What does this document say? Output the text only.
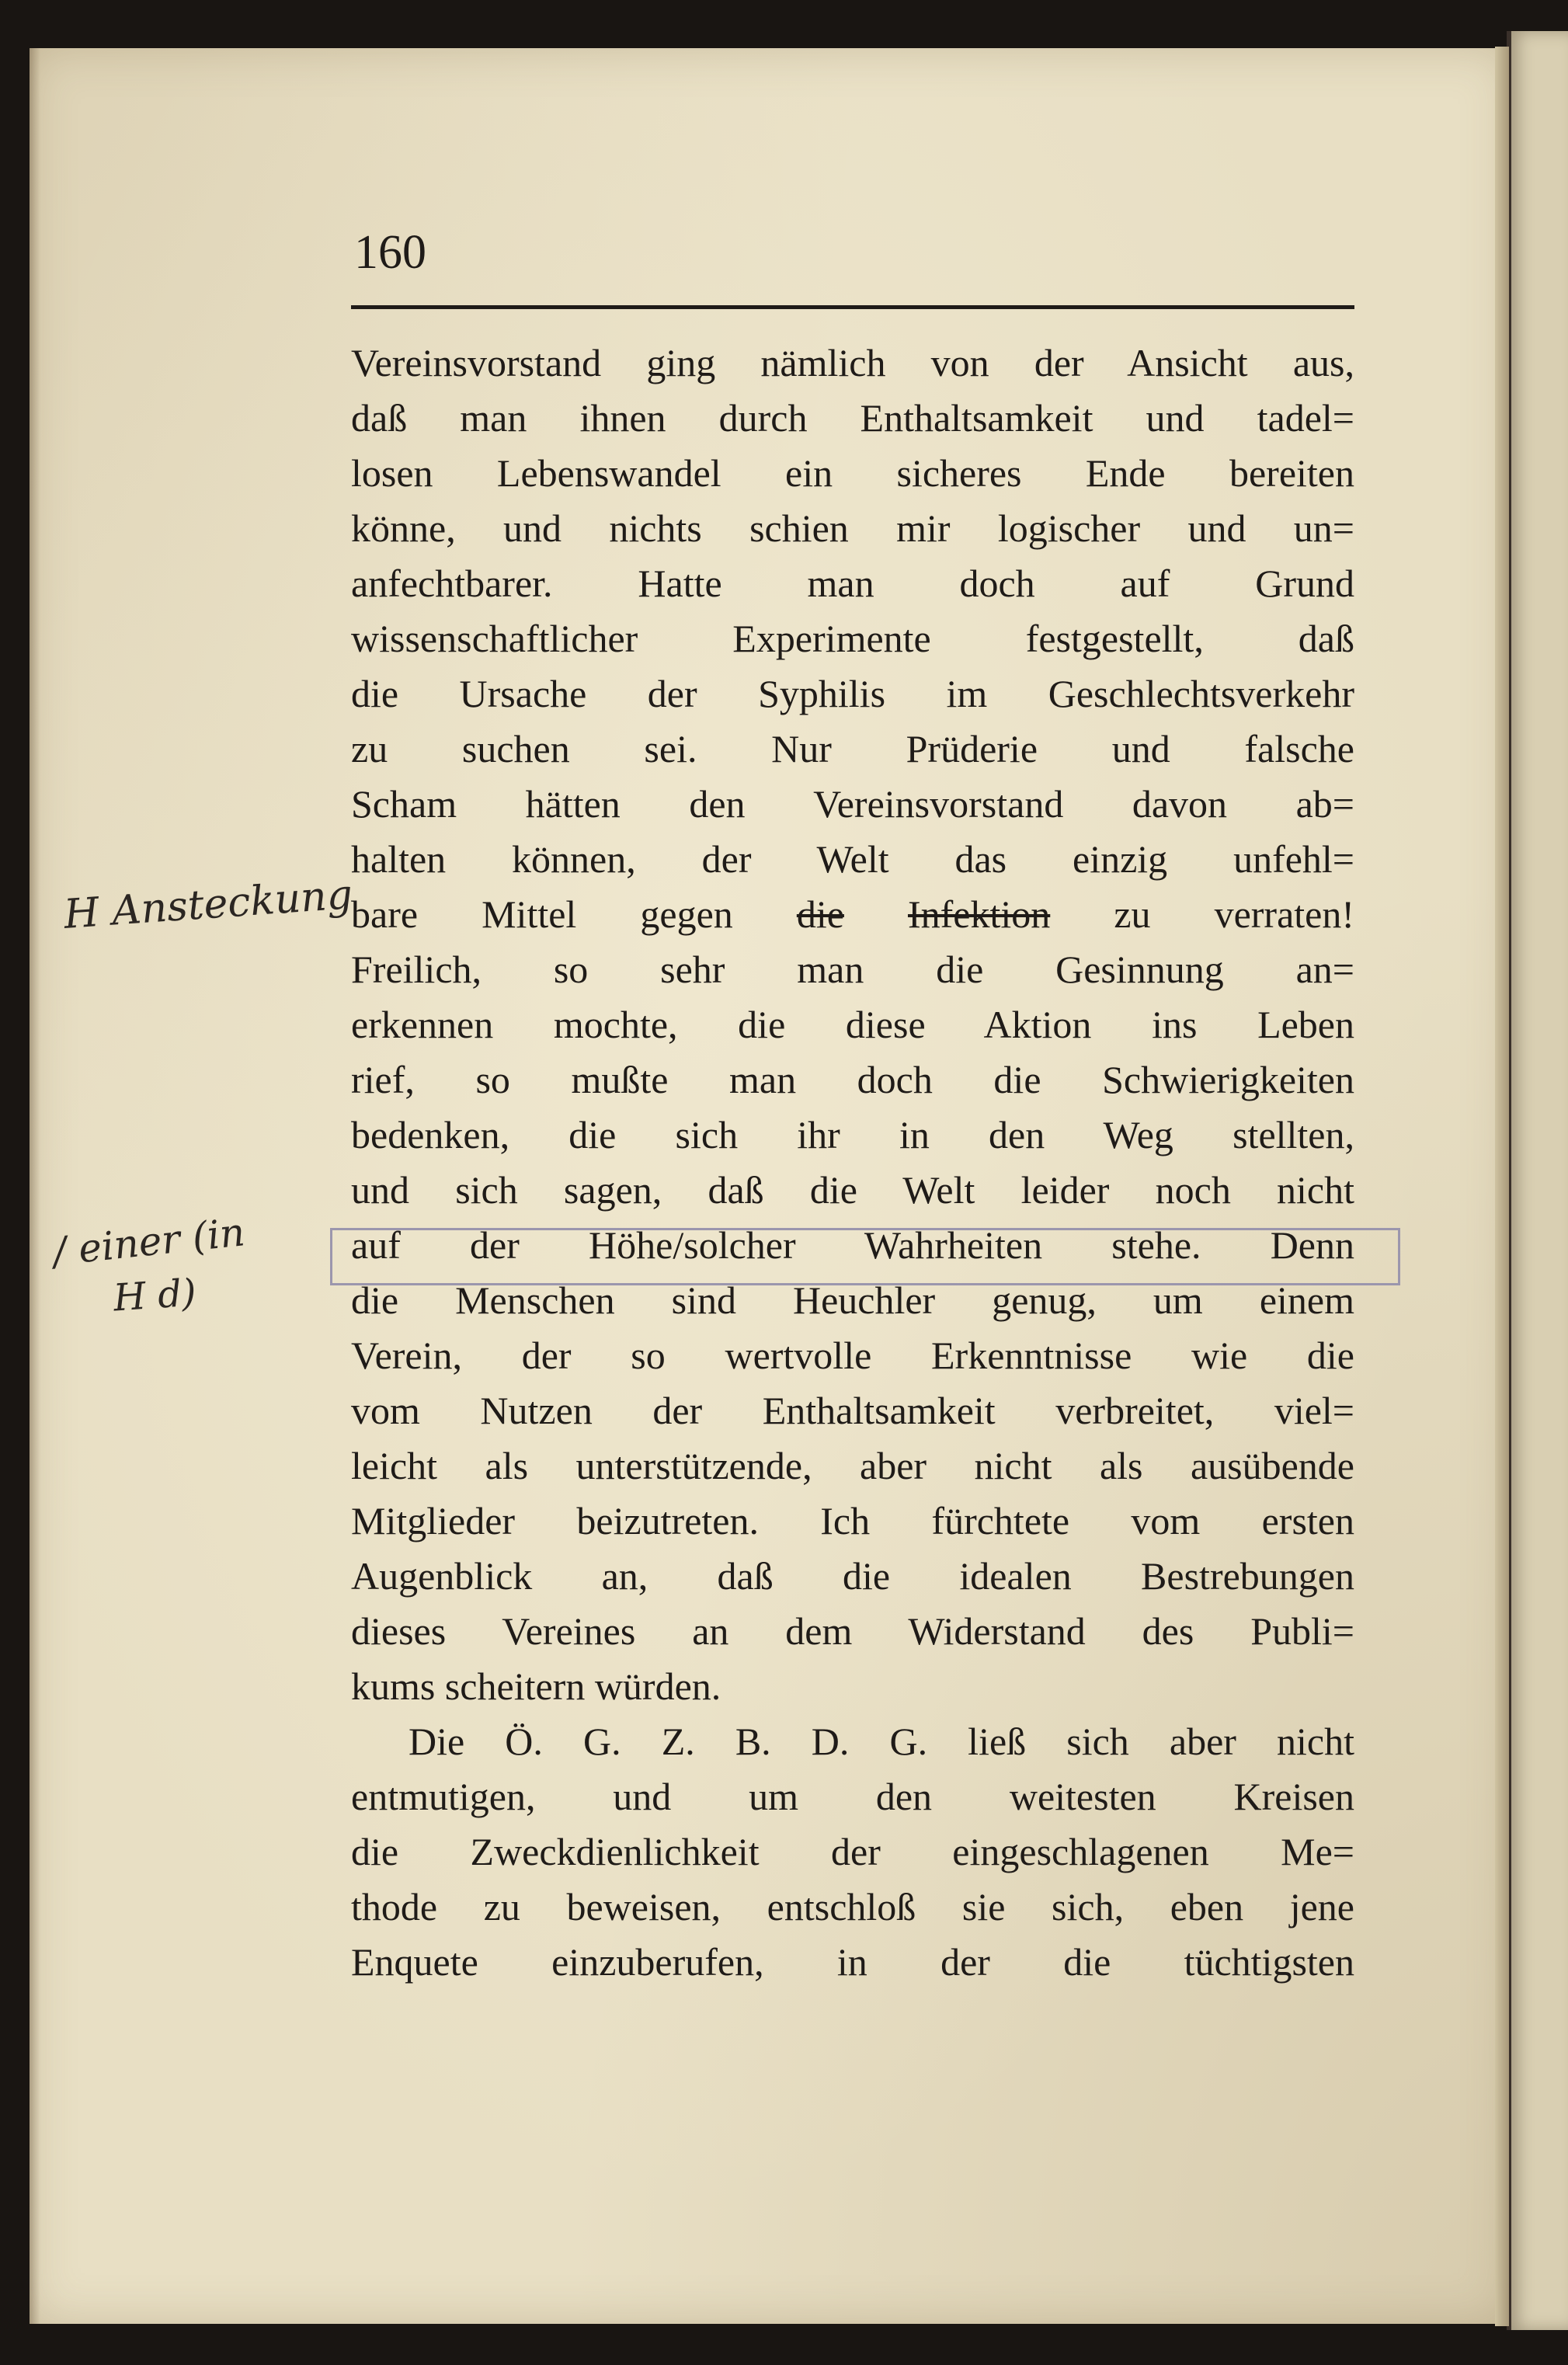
160
Vereinsvorstand ging nämlich von der Ansicht aus,
daß man ihnen durch Enthaltsamkeit und tadel=
losen Lebenswandel ein sicheres Ende bereiten
könne, und nichts schien mir logischer und un=
anfechtbarer. Hatte man doch auf Grund
wissenschaftlicher Experimente festgestellt, daß
die Ursache der Syphilis im Geschlechtsverkehr
zu suchen sei. Nur Prüderie und falsche
Scham hätten den Vereinsvorstand davon ab=
halten können, der Welt das einzig unfehl=
bare Mittel gegen die Infektion zu verraten!
Freilich, so sehr man die Gesinnung an=
erkennen mochte, die diese Aktion ins Leben
rief, so mußte man doch die Schwierigkeiten
bedenken, die sich ihr in den Weg stellten,
und sich sagen, daß die Welt leider noch nicht
auf der Höhe/solcher Wahrheiten stehe. Denn
die Menschen sind Heuchler genug, um einem
Verein, der so wertvolle Erkenntnisse wie die
vom Nutzen der Enthaltsamkeit verbreitet, viel=
leicht als unterstützende, aber nicht als ausübende
Mitglieder beizutreten. Ich fürchtete vom ersten
Augenblick an, daß die idealen Bestrebungen
dieses Vereines an dem Widerstand des Publi=
kums scheitern würden.
Die Ö. G. Z. B. D. G. ließ sich aber nicht
entmutigen, und um den weitesten Kreisen
die Zweckdienlichkeit der eingeschlagenen Me=
thode zu beweisen, entschloß sie sich, eben jene
Enquete einzuberufen, in der die tüchtigsten
H Ansteckung
/ einer (in
H d)
